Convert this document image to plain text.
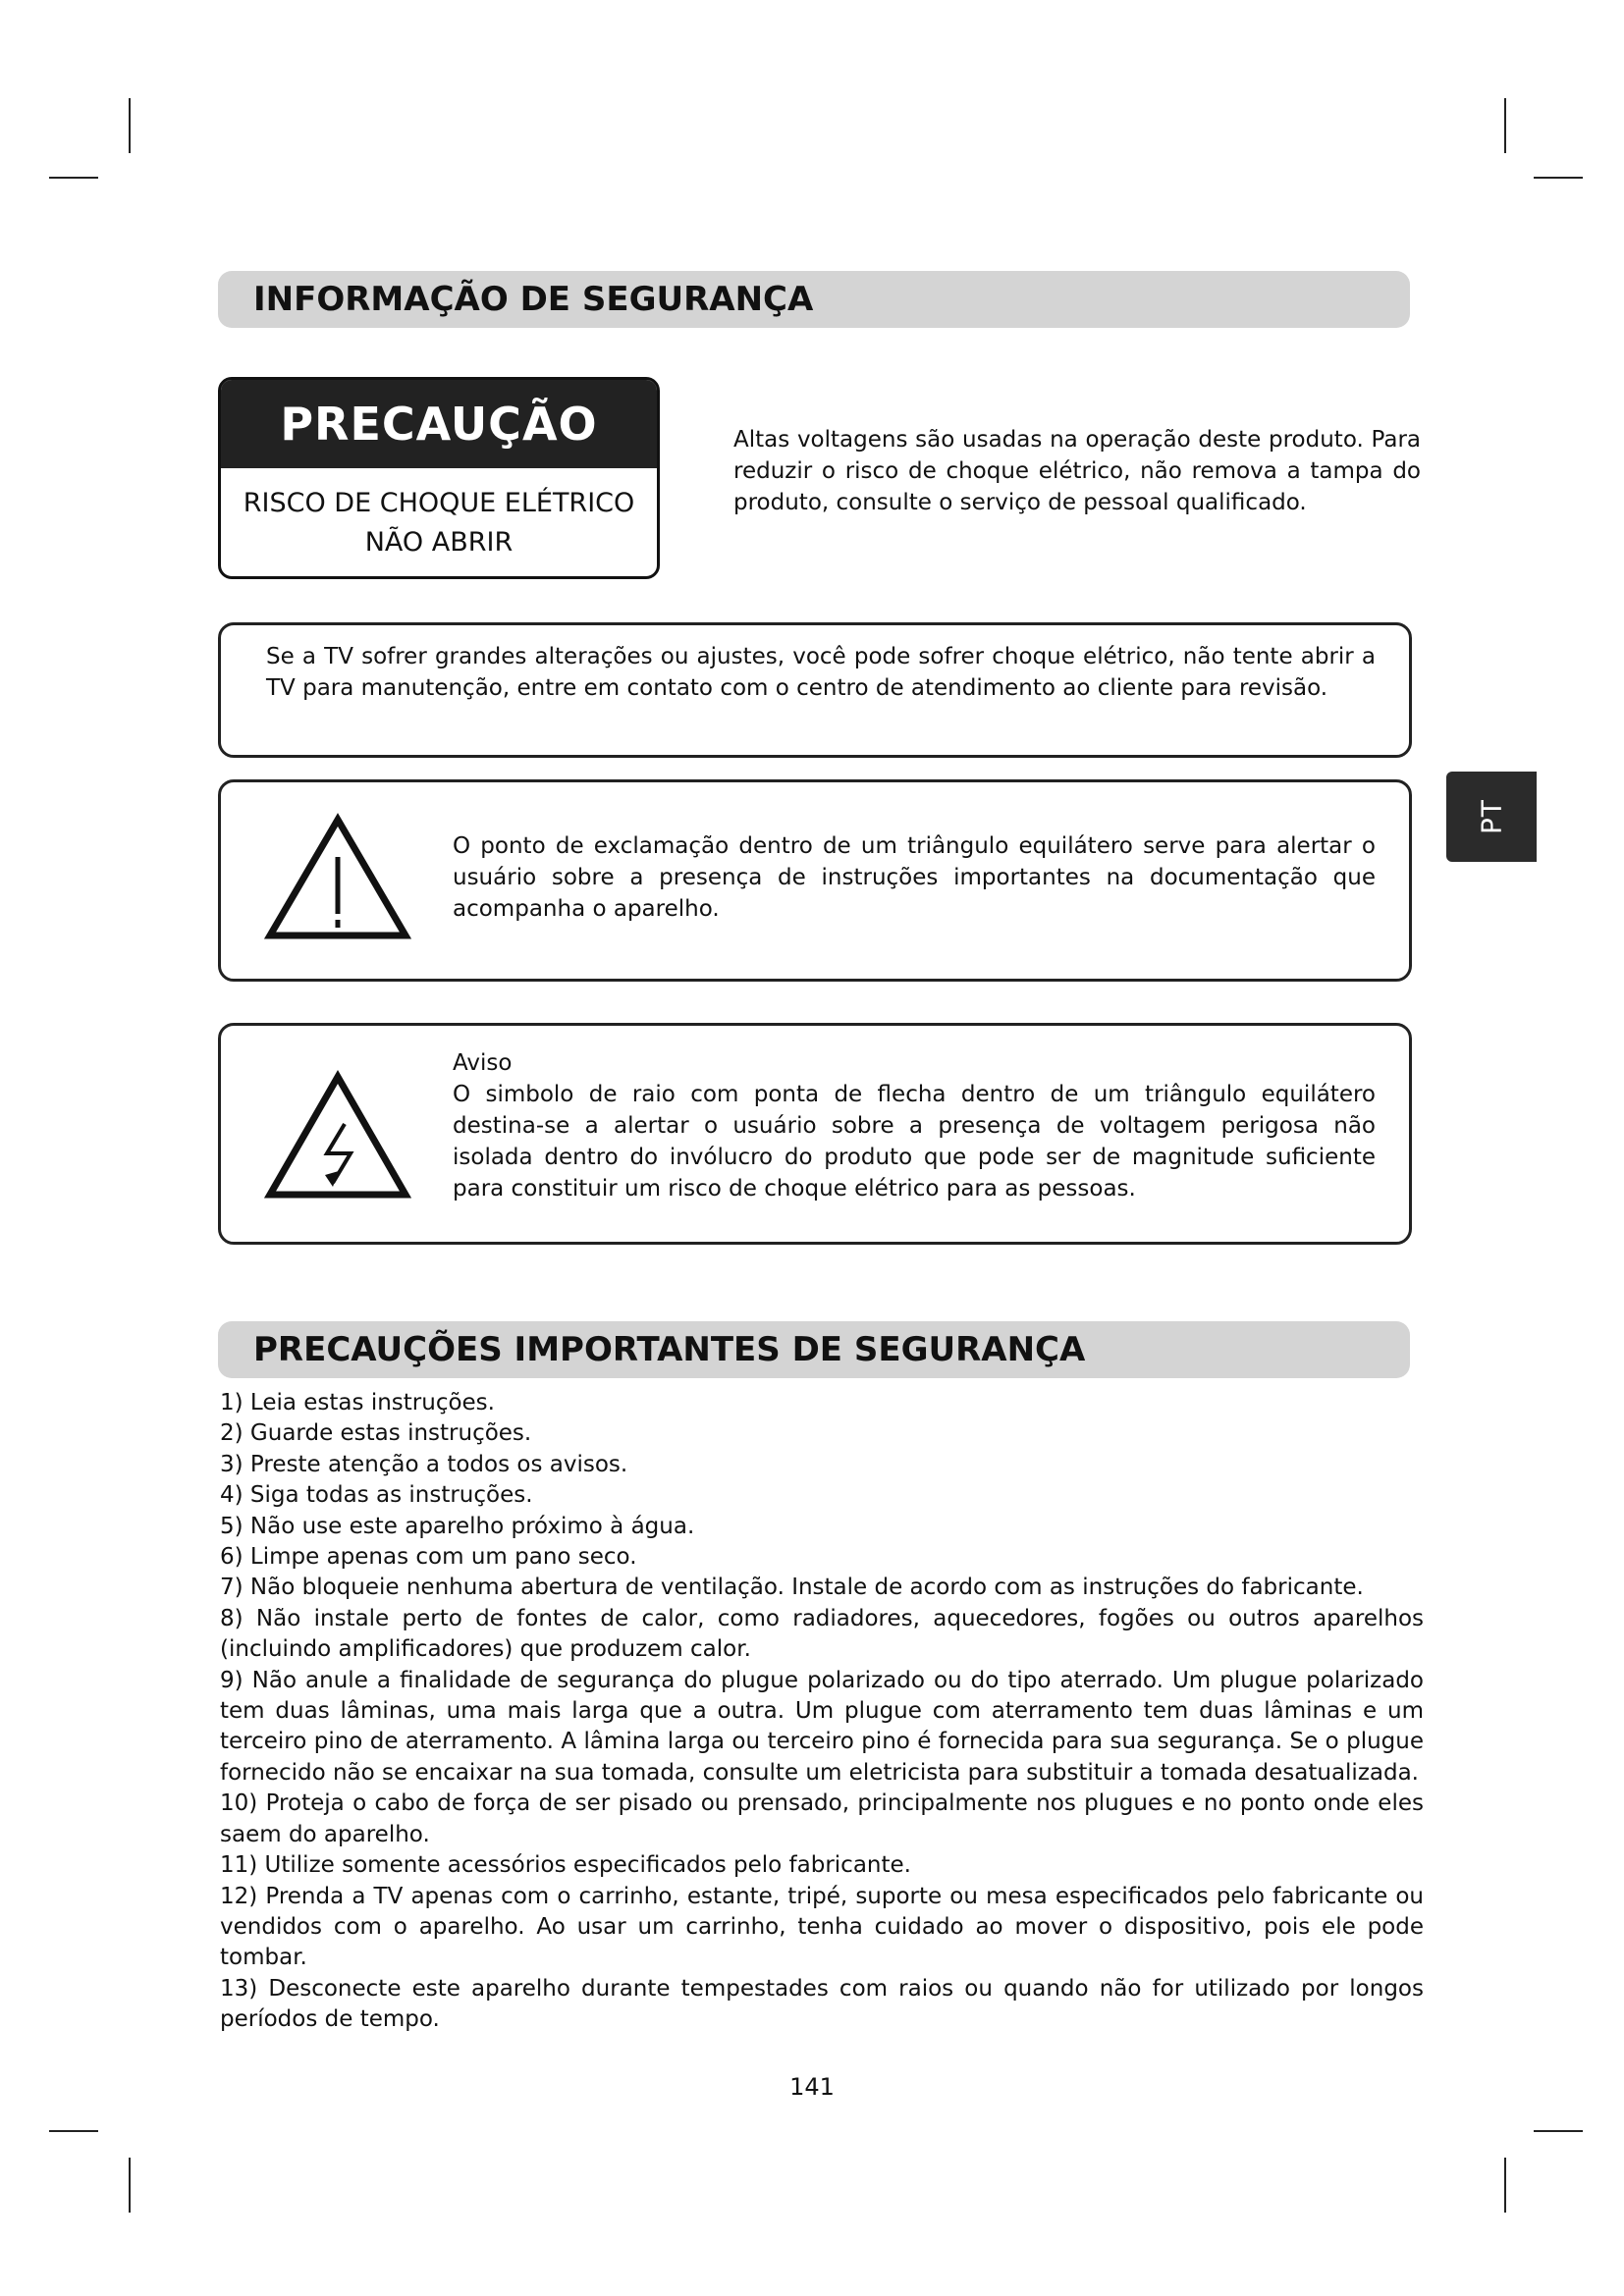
INFORMAÇÃO DE SEGURANÇA
PRECAUÇÃO
RISCO DE CHOQUE ELÉTRICO
NÃO ABRIR

Altas voltagens são usadas na operação deste produto. Para reduzir o risco de choque elétrico, não remova a tampa do produto, consulte o serviço de pessoal qualificado.

Se a TV sofrer grandes alterações ou ajustes, você pode sofrer choque elétrico, não tente abrir a TV para manutenção, entre em contato com o centro de atendimento ao cliente para revisão.

O ponto de exclamação dentro de um triângulo equilátero serve para alertar o usuário sobre a presença de instruções importantes na documentação que acompanha o aparelho.

Aviso

O simbolo de raio com ponta de flecha dentro de um triângulo equilátero destina-se a alertar o usuário sobre a presença de voltagem perigosa não isolada dentro do invólucro do produto que pode ser de magnitude suficiente para constituir um risco de choque elétrico para as pessoas.

PT
PRECAUÇÕES IMPORTANTES DE SEGURANÇA
1) Leia estas instruções.
2) Guarde estas instruções.
3) Preste atenção a todos os avisos.
4) Siga todas as instruções.
5) Não use este aparelho próximo à água.
6) Limpe apenas com um pano seco.
7) Não bloqueie nenhuma abertura de ventilação. Instale de acordo com as instruções do fabricante.
8) Não instale perto de fontes de calor, como radiadores, aquecedores, fogões ou outros aparelhos (incluindo amplificadores) que produzem calor.
9) Não anule a finalidade de segurança do plugue polarizado ou do tipo aterrado. Um plugue polarizado tem duas lâminas, uma mais larga que a outra. Um plugue com aterramento tem duas lâminas e um terceiro pino de aterramento. A lâmina larga ou terceiro pino é fornecida para sua segurança. Se o plugue fornecido não se encaixar na sua tomada, consulte um eletricista para substituir a tomada desatualizada.
10) Proteja o cabo de força de ser pisado ou prensado, principalmente nos plugues e no ponto onde eles saem do aparelho.
11) Utilize somente acessórios especificados pelo fabricante.
12) Prenda a TV apenas com o carrinho, estante, tripé, suporte ou mesa especificados pelo fabricante ou vendidos com o aparelho. Ao usar um carrinho, tenha cuidado ao mover o dispositivo, pois ele pode tombar.
13) Desconecte este aparelho durante tempestades com raios ou quando não for utilizado por longos períodos de tempo.
141
